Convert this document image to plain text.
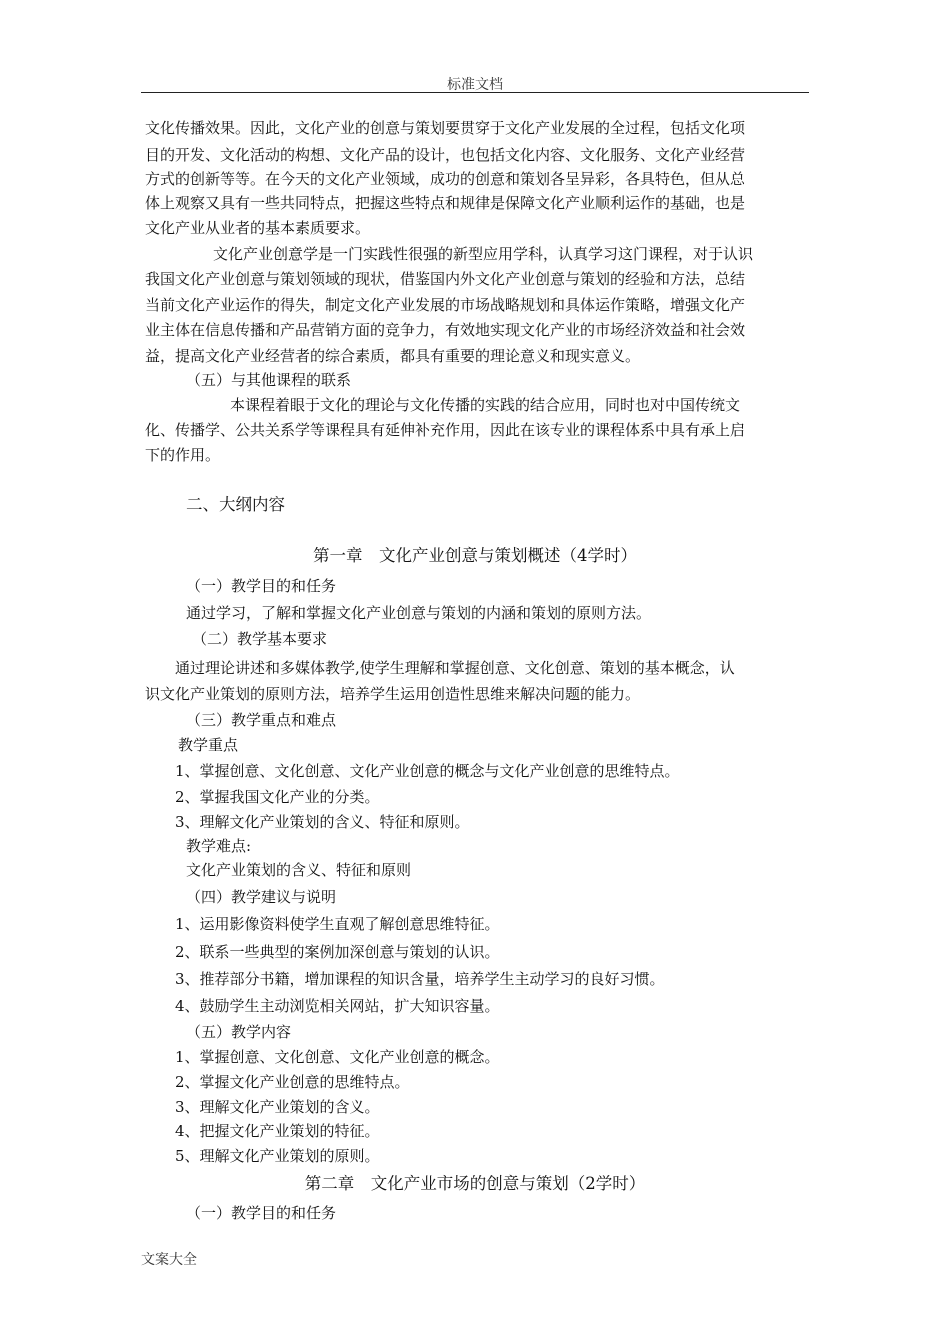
标准文档
文化传播效果。因此，文化产业的创意与策划要贯穿于文化产业发展的全过程，包括文化项
目的开发、文化活动的构想、文化产品的设计，也包括文化内容、文化服务、文化产业经营
方式的创新等等。在今天的文化产业领域，成功的创意和策划各呈异彩，各具特色，但从总
体上观察又具有一些共同特点，把握这些特点和规律是保障文化产业顺利运作的基础，也是
文化产业从业者的基本素质要求。
文化产业创意学是一门实践性很强的新型应用学科，认真学习这门课程，对于认识
我国文化产业创意与策划领域的现状，借鉴国内外文化产业创意与策划的经验和方法，总结
当前文化产业运作的得失，制定文化产业发展的市场战略规划和具体运作策略，增强文化产
业主体在信息传播和产品营销方面的竞争力，有效地实现文化产业的市场经济效益和社会效
益，提高文化产业经营者的综合素质，都具有重要的理论意义和现实意义。
（五）与其他课程的联系
本课程着眼于文化的理论与文化传播的实践的结合应用，同时也对中国传统文
化、传播学、公共关系学等课程具有延伸补充作用，因此在该专业的课程体系中具有承上启
下的作用。
二、大纲内容
第一章　文化产业创意与策划概述（4学时）
（一）教学目的和任务
通过学习，了解和掌握文化产业创意与策划的内涵和策划的原则方法。
（二）教学基本要求
通过理论讲述和多媒体教学,使学生理解和掌握创意、文化创意、策划的基本概念，认
识文化产业策划的原则方法，培养学生运用创造性思维来解决问题的能力。
（三）教学重点和难点
教学重点
1、掌握创意、文化创意、文化产业创意的概念与文化产业创意的思维特点。
2、掌握我国文化产业的分类。
3、理解文化产业策划的含义、特征和原则。
教学难点:
文化产业策划的含义、特征和原则
（四）教学建议与说明
1、运用影像资料使学生直观了解创意思维特征。
2、联系一些典型的案例加深创意与策划的认识。
3、推荐部分书籍，增加课程的知识含量，培养学生主动学习的良好习惯。
4、鼓励学生主动浏览相关网站，扩大知识容量。
（五）教学内容
1、掌握创意、文化创意、文化产业创意的概念。
2、掌握文化产业创意的思维特点。
3、理解文化产业策划的含义。
4、把握文化产业策划的特征。
5、理解文化产业策划的原则。
第二章　文化产业市场的创意与策划（2学时）
（一）教学目的和任务
文案大全
